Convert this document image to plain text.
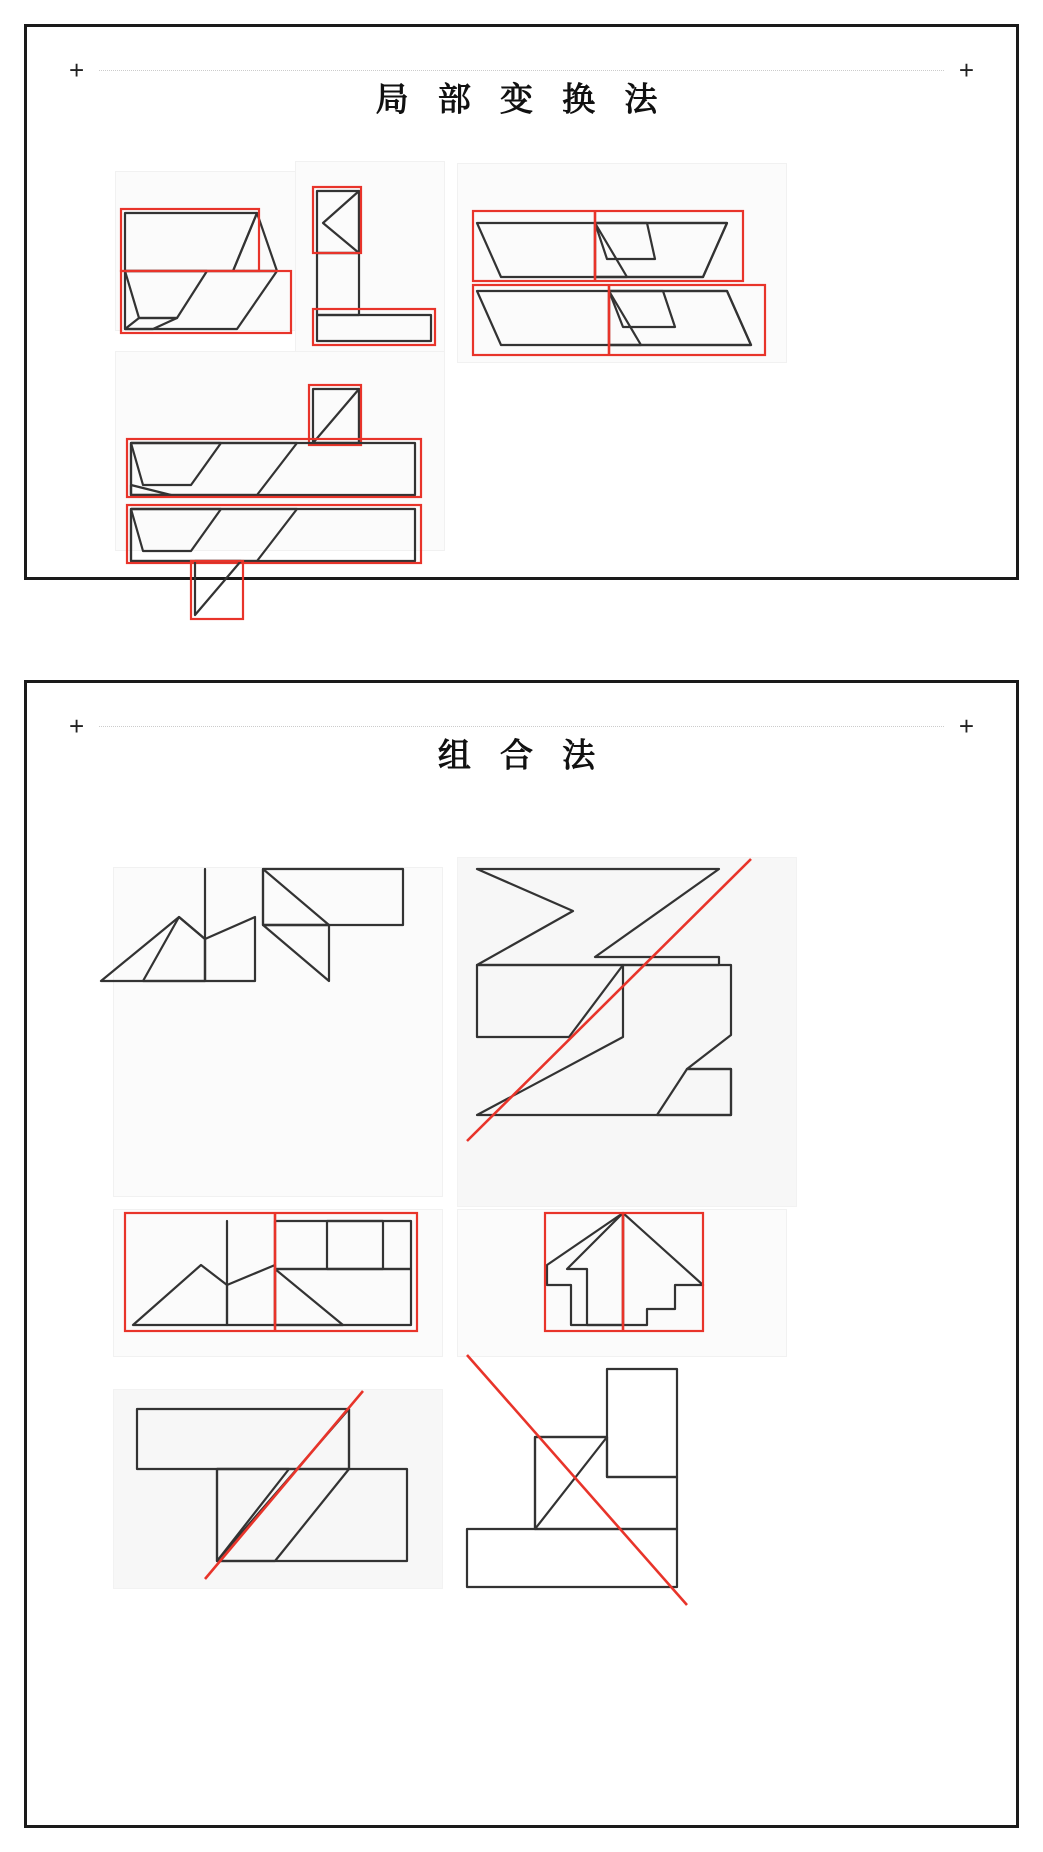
+	+
局 部 变 换 法
+	+
组 合 法
